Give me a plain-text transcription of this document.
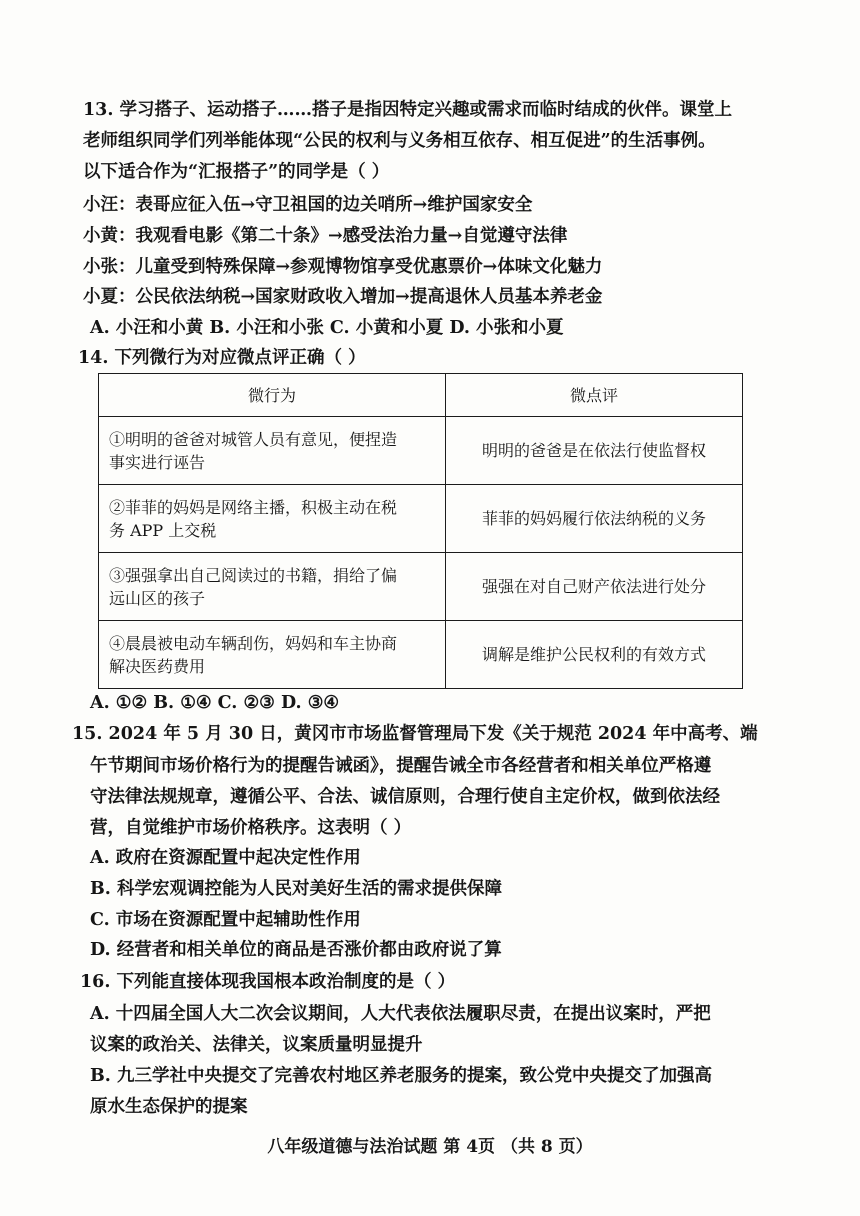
13. 学习搭子、运动搭子……搭子是指因特定兴趣或需求而临时结成的伙伴。课堂上
老师组织同学们列举能体现“公民的权利与义务相互依存、相互促进”的生活事例。
以下适合作为“汇报搭子”的同学是（ ）
小汪：表哥应征入伍→守卫祖国的边关哨所→维护国家安全
小黄：我观看电影《第二十条》→感受法治力量→自觉遵守法律
小张：儿童受到特殊保障→参观博物馆享受优惠票价→体味文化魅力
小夏：公民依法纳税→国家财政收入增加→提高退休人员基本养老金
A. 小汪和小黄 B. 小汪和小张 C. 小黄和小夏 D. 小张和小夏
14. 下列微行为对应微点评正确（ ）
微行为	微点评

①明明的爸爸对城管人员有意见，便捏造
事实进行诬告	明明的爸爸是在依法行使监督权

②菲菲的妈妈是网络主播，积极主动在税
务 APP 上交税	菲菲的妈妈履行依法纳税的义务

③强强拿出自己阅读过的书籍，捐给了偏
远山区的孩子	强强在对自己财产依法进行处分

④晨晨被电动车辆刮伤，妈妈和车主协商
解决医药费用	调解是维护公民权利的有效方式
A. ①② B. ①④ C. ②③ D. ③④
15. 2024 年 5 月 30 日，黄冈市市场监督管理局下发《关于规范 2024 年中高考、端
午节期间市场价格行为的提醒告诫函》，提醒告诫全市各经营者和相关单位严格遵
守法律法规规章，遵循公平、合法、诚信原则，合理行使自主定价权，做到依法经
营，自觉维护市场价格秩序。这表明（ ）
A. 政府在资源配置中起决定性作用
B. 科学宏观调控能为人民对美好生活的需求提供保障
C. 市场在资源配置中起辅助性作用
D. 经营者和相关单位的商品是否涨价都由政府说了算
16. 下列能直接体现我国根本政治制度的是（ ）
A. 十四届全国人大二次会议期间，人大代表依法履职尽责，在提出议案时，严把
议案的政治关、法律关，议案质量明显提升
B. 九三学社中央提交了完善农村地区养老服务的提案，致公党中央提交了加强高
原水生态保护的提案
八年级道德与法治试题 第 4页 （共 8 页）
